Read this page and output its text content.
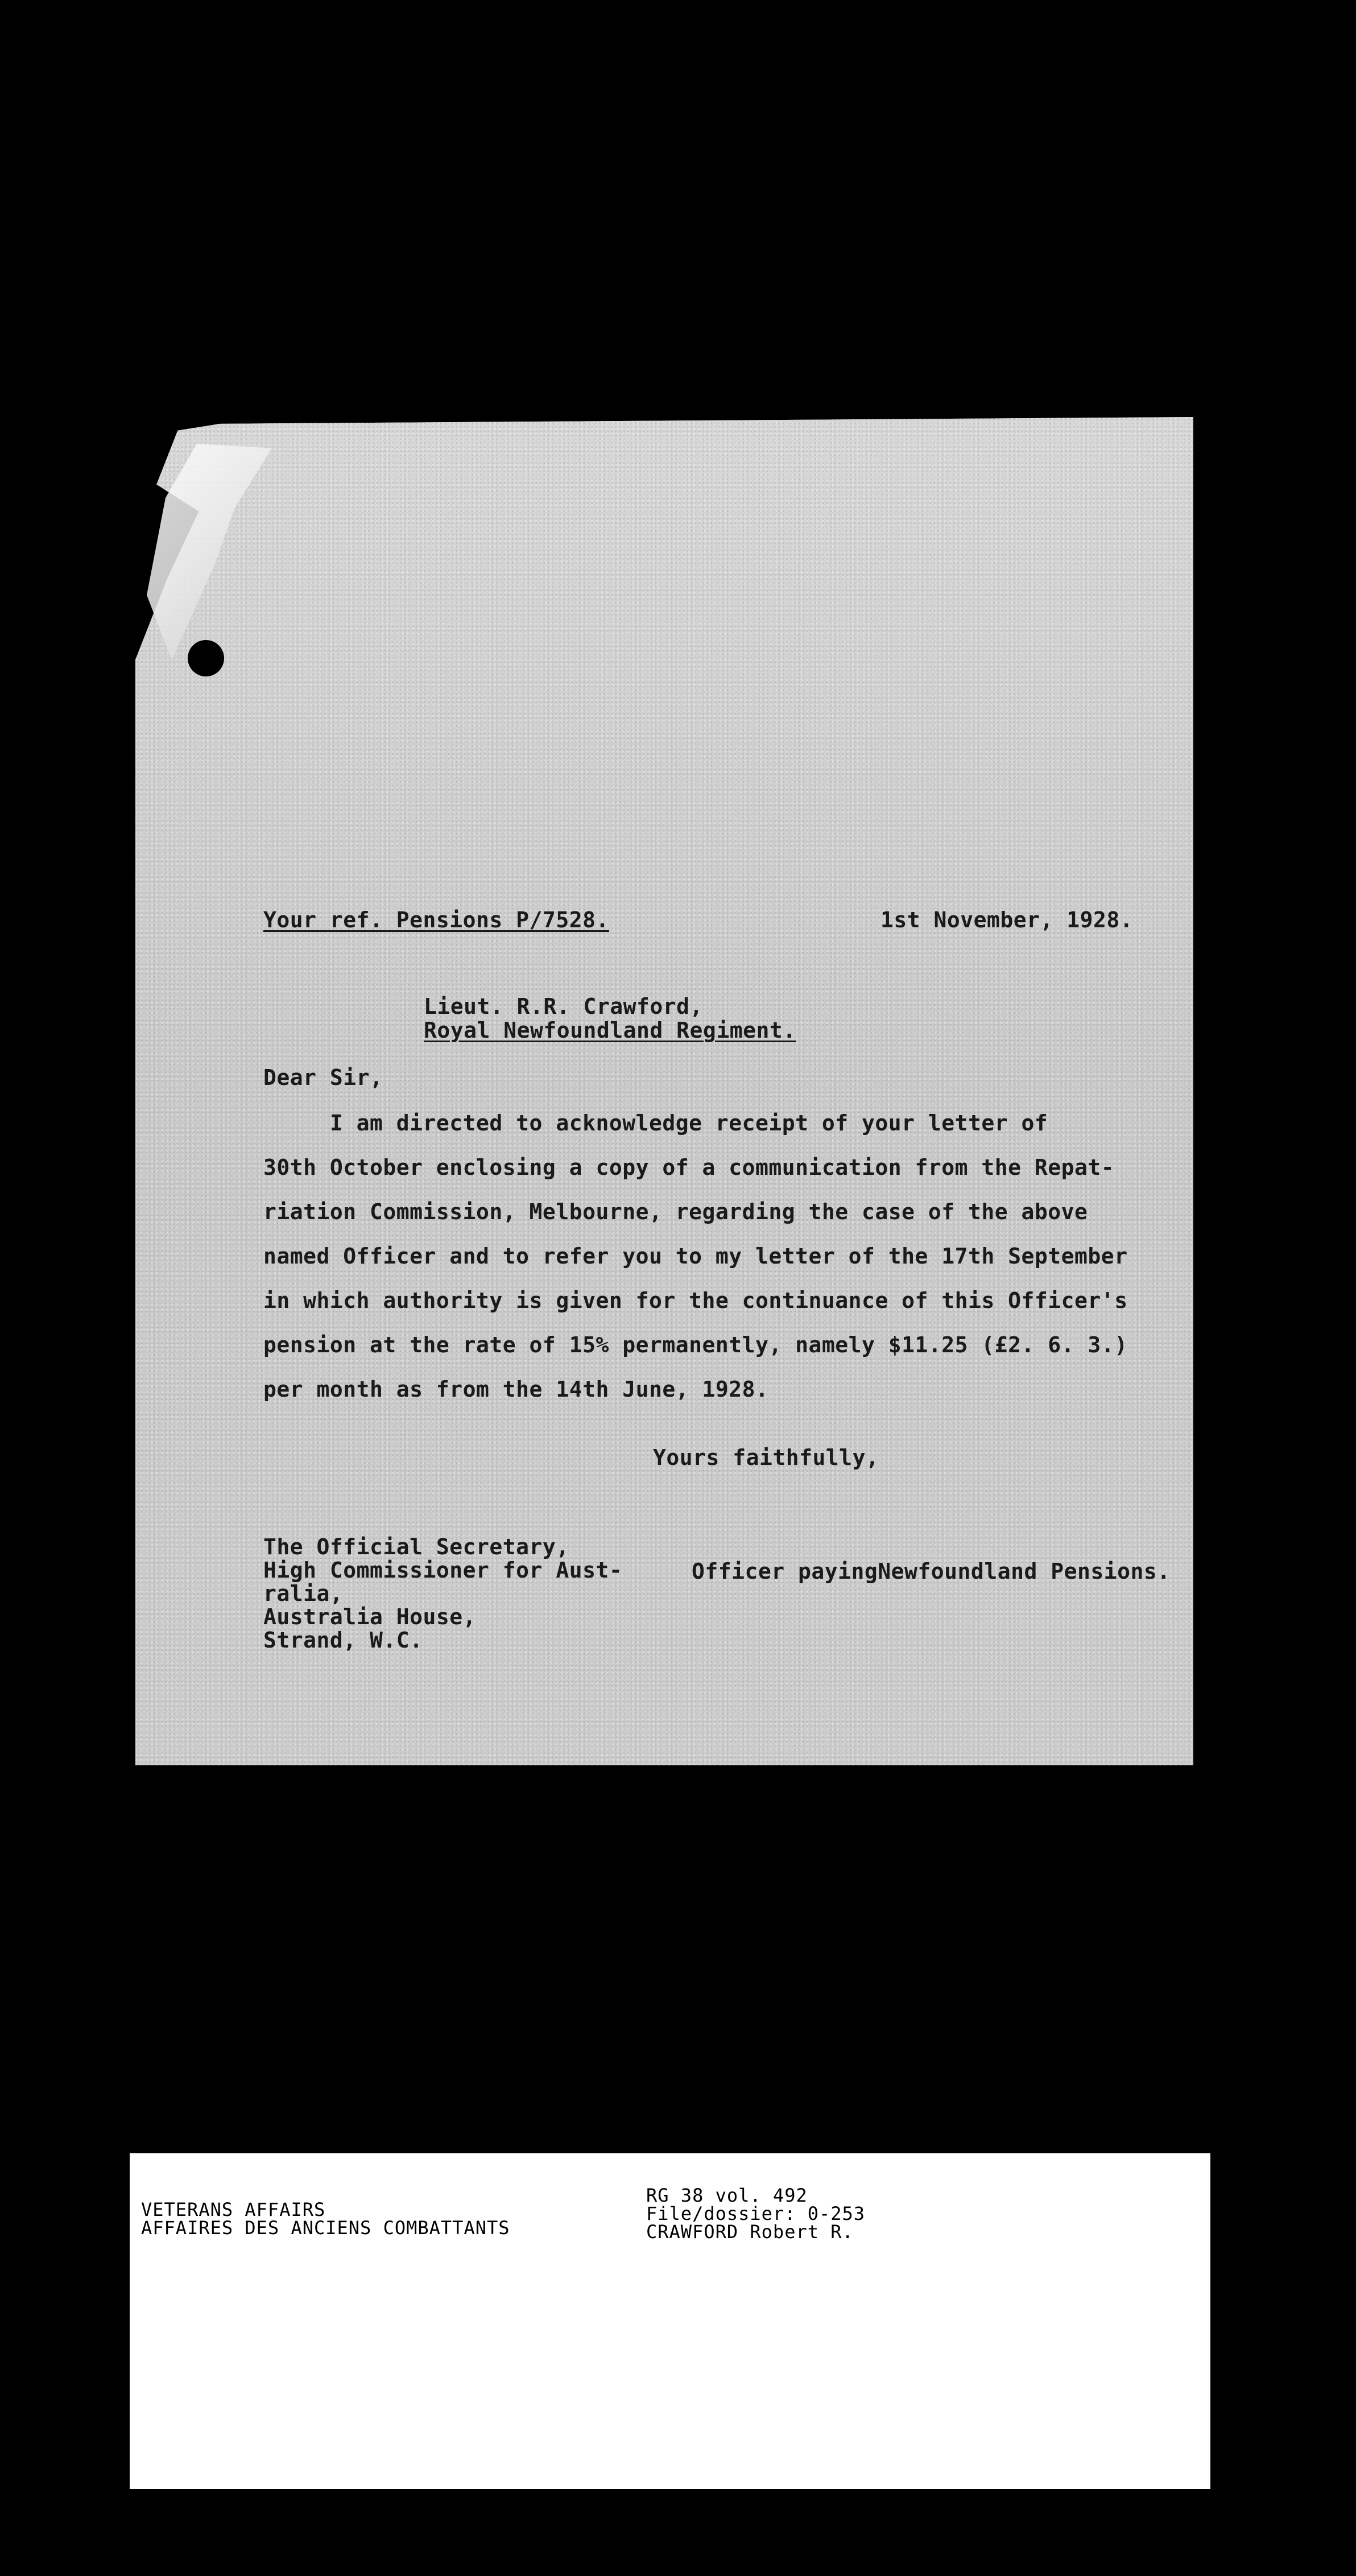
Your ref. Pensions P/7528.	1st November, 1928.
Lieut. R.R. Crawford,
Royal Newfoundland Regiment.
Dear Sir,
I am directed to acknowledge receipt of your letter of
30th October enclosing a copy of a communication from the Repat-
riation Commission, Melbourne, regarding the case of the above
named Officer and to refer you to my letter of the 17th September
in which authority is given for the continuance of this Officer's
pension at the rate of 15% permanently, namely $11.25 (£2. 6. 3.)
per month as from the 14th June, 1928.
Yours faithfully,
The Official Secretary,
High Commissioner for Aust-
ralia,
Australia House,
Strand, W.C.
Officer payingNewfoundland Pensions.
VETERANS AFFAIRS
AFFAIRES DES ANCIENS COMBATTANTS
RG 38 vol. 492
File/dossier: 0-253
CRAWFORD Robert R.
